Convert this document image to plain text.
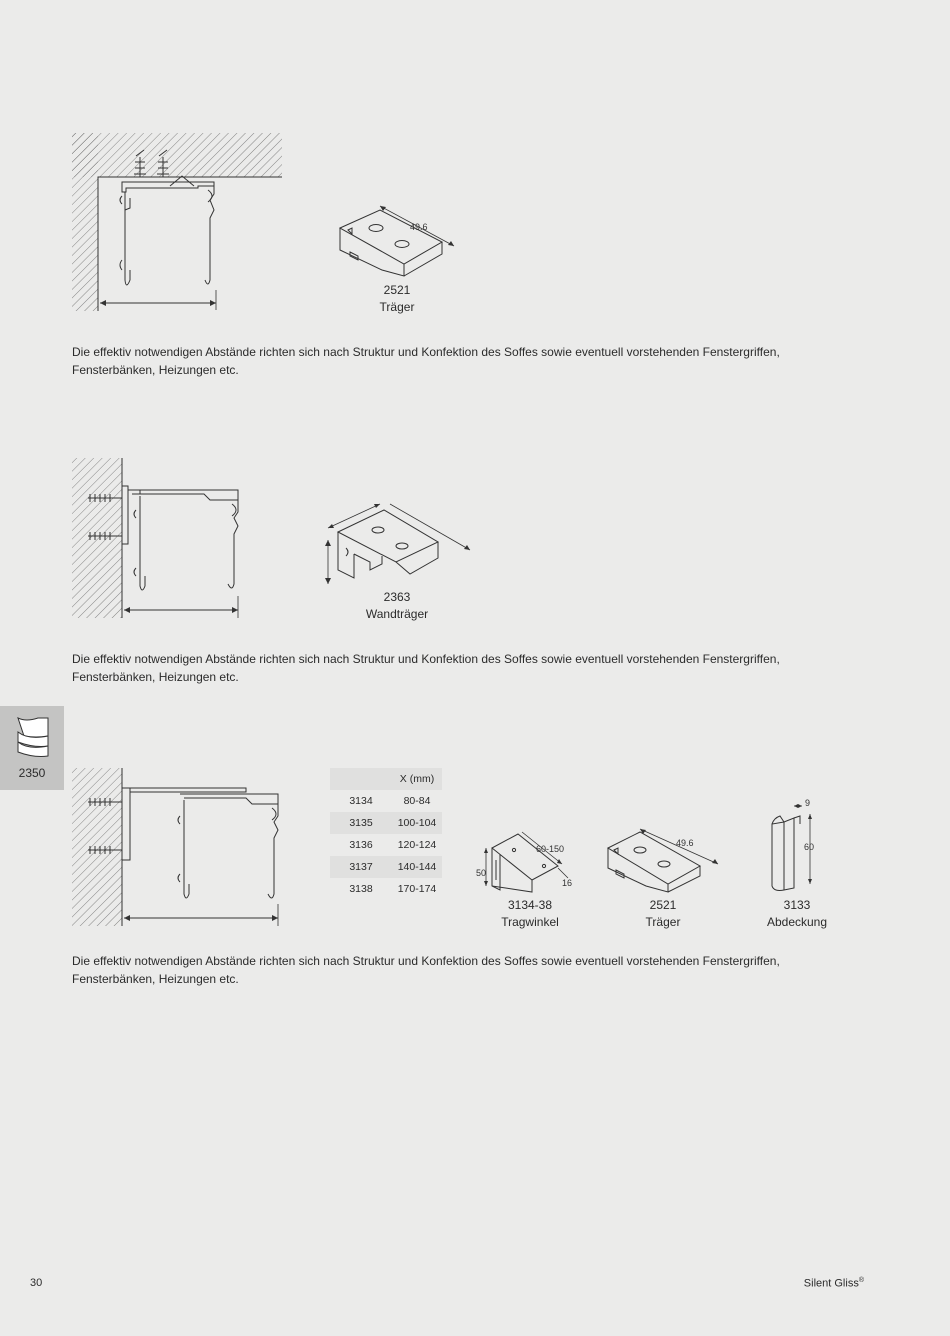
49.6
2521
Träger

Die effektiv notwendigen Abstände richten sich nach Struktur und Konfektion des Soffes sowie eventuell vorstehenden Fenstergriffen, Fensterbänken, Heizungen etc.

2363
Wandträger

Die effektiv notwendigen Abstände richten sich nach Struktur und Konfektion des Soffes sowie eventuell vorstehenden Fenstergriffen, Fensterbänken, Heizungen etc.

2350
		X (mm)
3134	80-84
3135	100-104
3136	120-124
3137	140-144
3138	170-174
60-150
50
16
3134-38
Tragwinkel
49.6
2521
Träger
9
60
3133
Abdeckung

Die effektiv notwendigen Abstände richten sich nach Struktur und Konfektion des Soffes sowie eventuell vorstehenden Fenstergriffen, Fensterbänken, Heizungen etc.

30	Silent Gliss®
